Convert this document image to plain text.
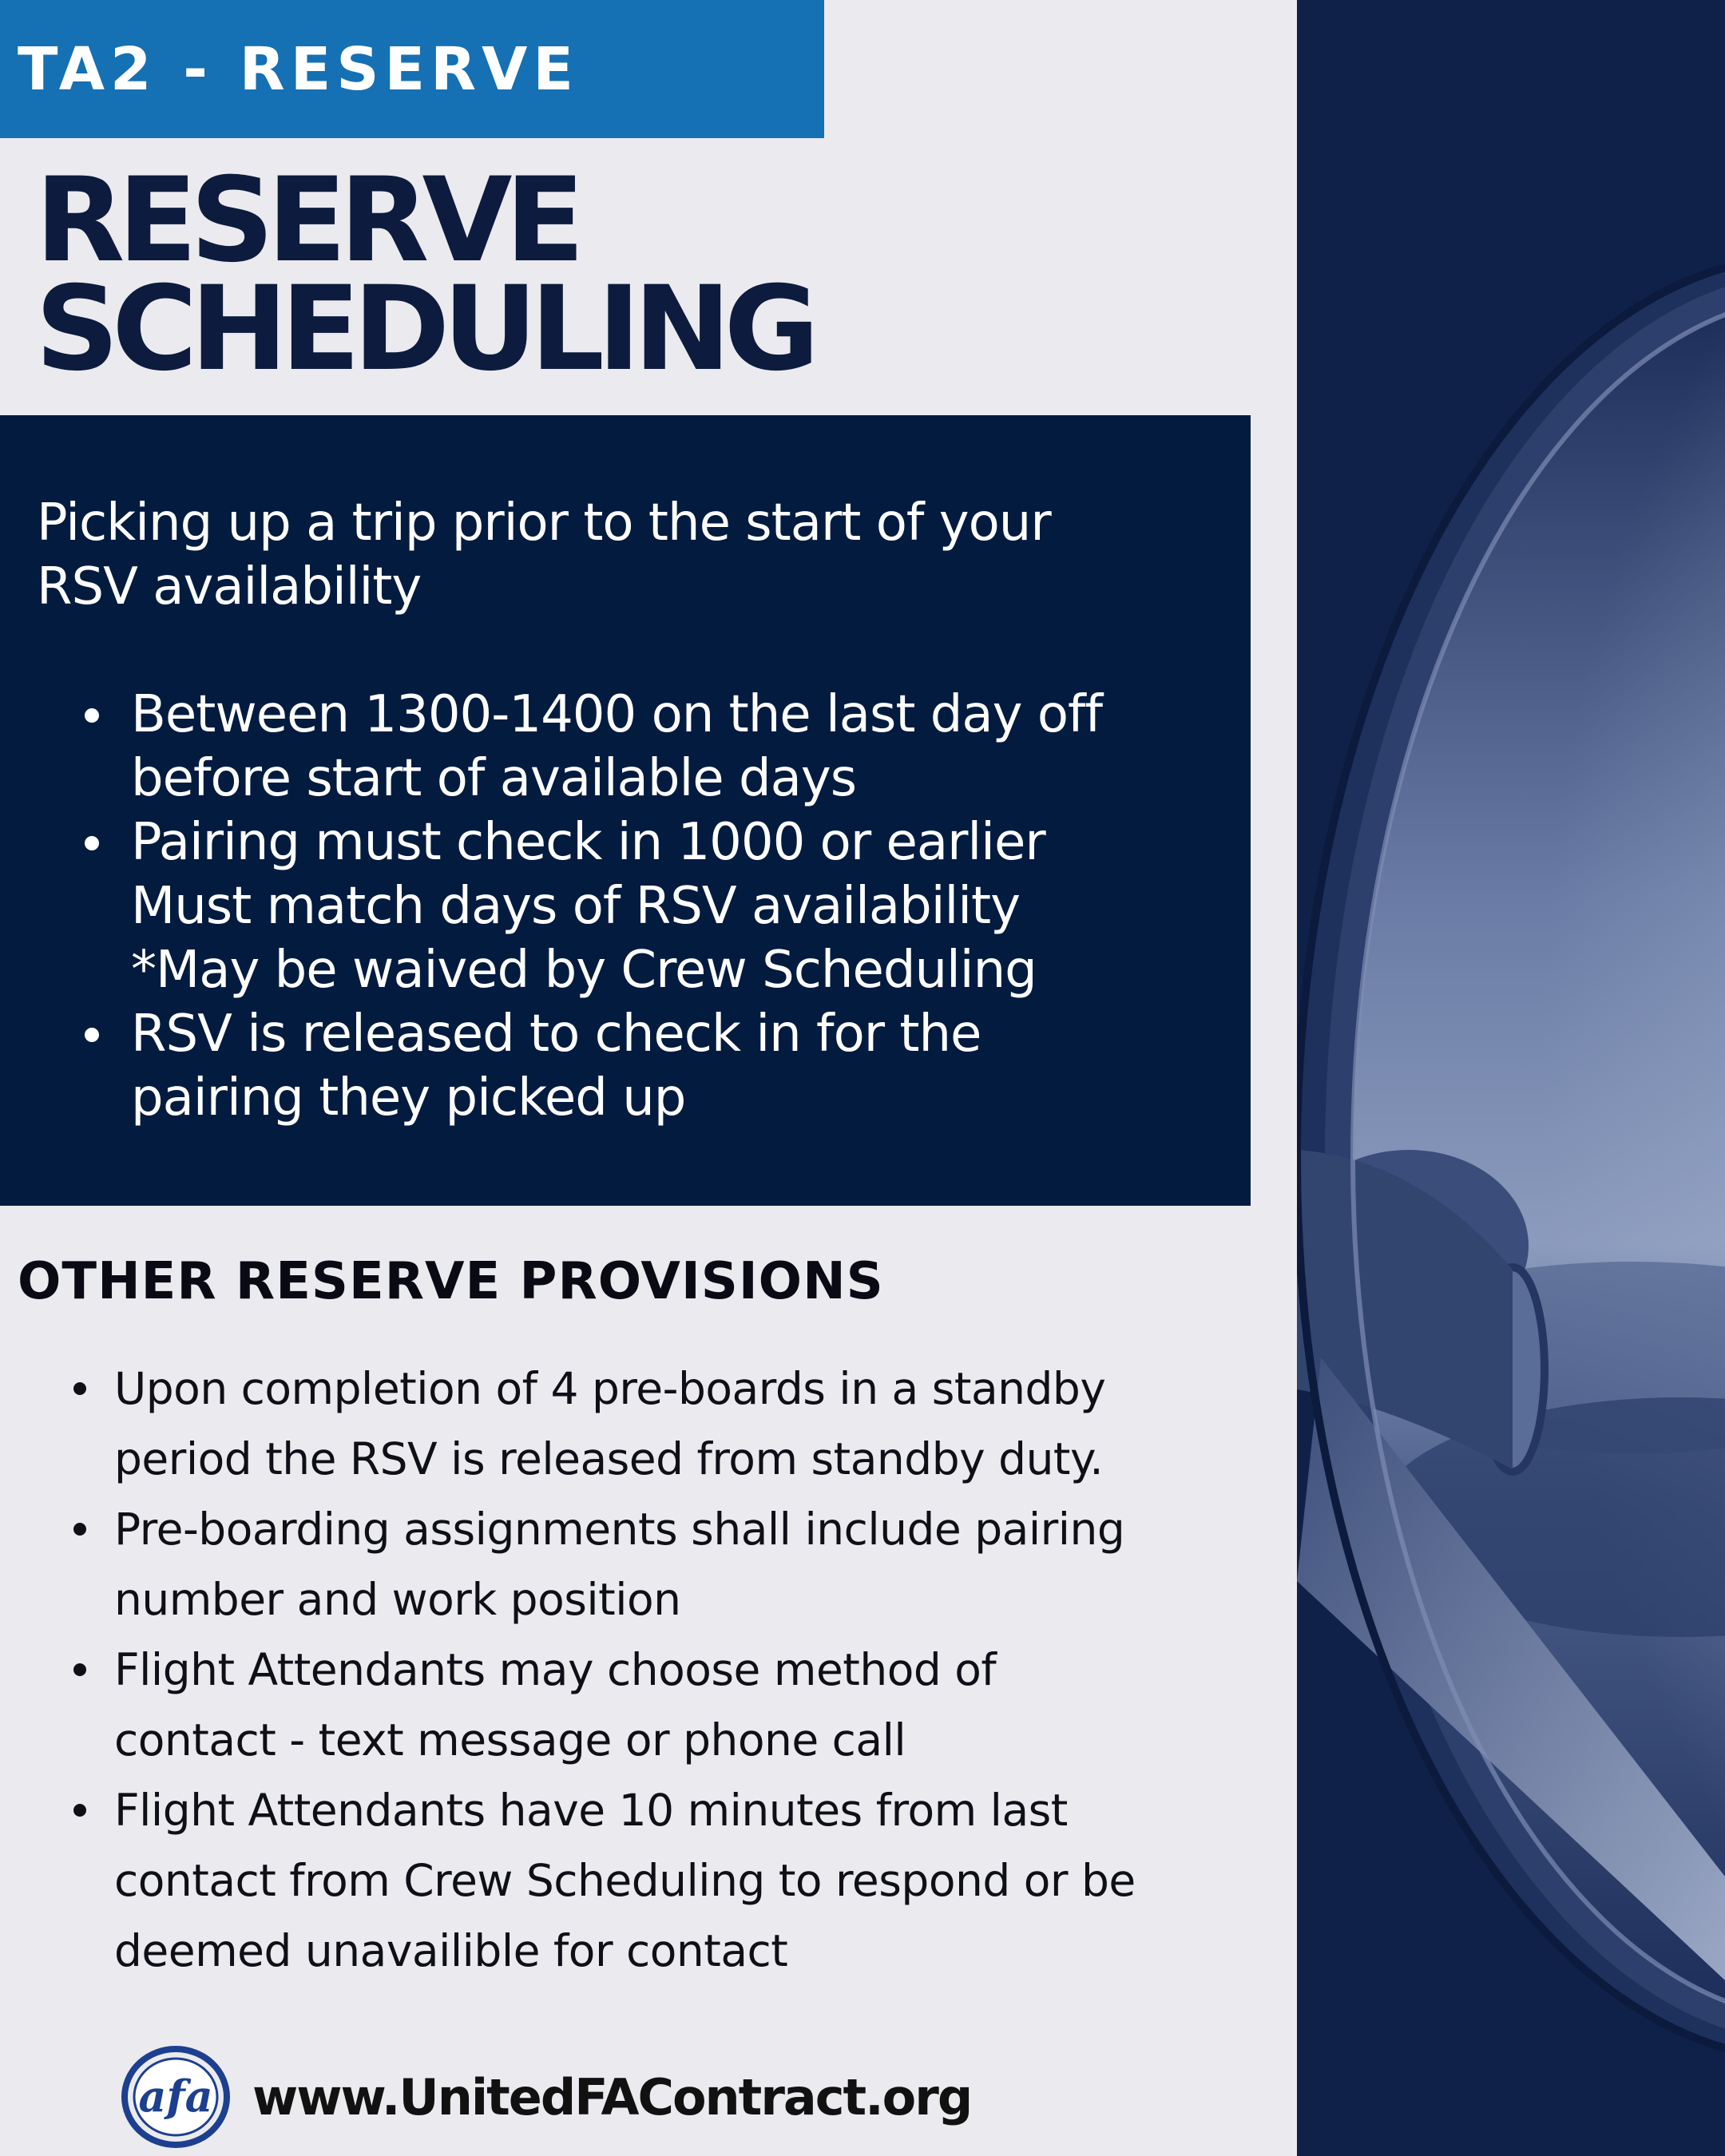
TA2 - RESERVE
RESERVE
SCHEDULING

Picking up a trip prior to the start of your
RSV availability

Between 1300-1400 on the last day off
before start of available days
Pairing must check in 1000 or earlier
Must match days of RSV availability
*May be waived by Crew Scheduling
RSV is released to check in for the
pairing they picked up
OTHER RESERVE PROVISIONS
Upon completion of 4 pre-boards in a standby
period the RSV is released from standby duty.
Pre-boarding assignments shall include pairing
number and work position
Flight Attendants may choose method of
contact - text message or phone call
Flight Attendants have 10 minutes from last
contact from Crew Scheduling to respond or be
deemed unavailible for contact
afa www.UnitedFAContract.org
